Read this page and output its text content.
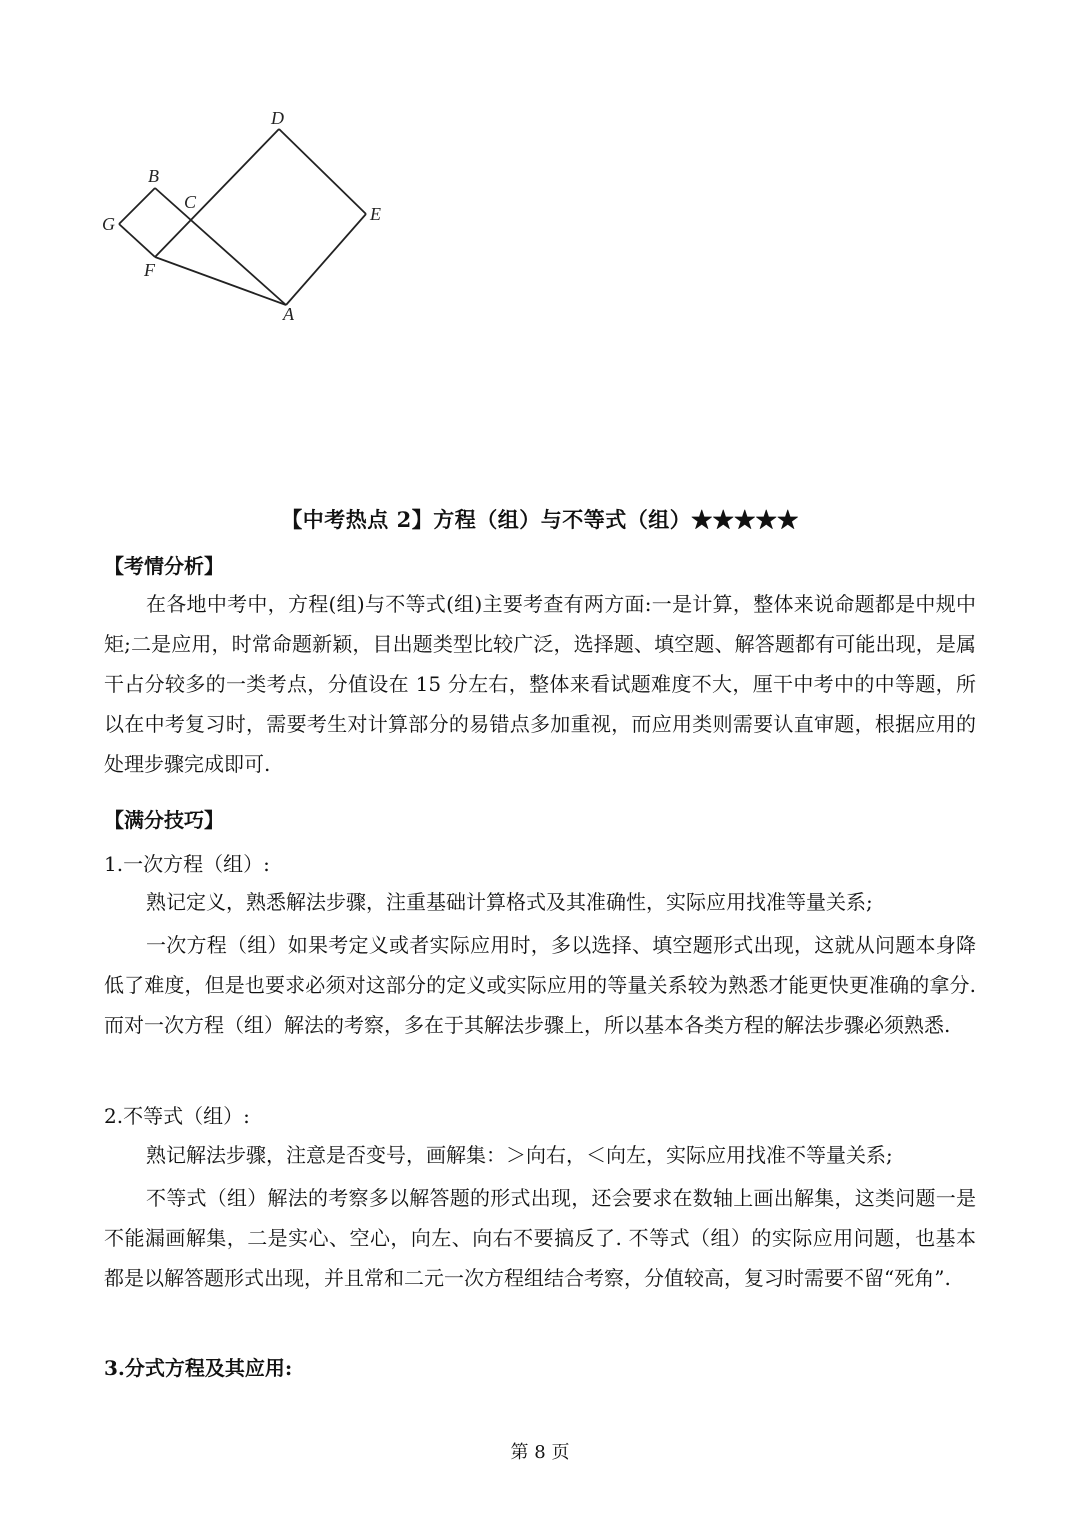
D
B
C
E
G
F
A
【中考热点 2】方程（组）与不等式（组）★★★★★
【考情分析】
在各地中考中，方程(组)与不等式(组)主要考查有两方面:一是计算，整体来说命题都是中规中矩;二是应用，时常命题新颖，目出题类型比较广泛，选择题、填空题、解答题都有可能出现，是属干占分较多的一类考点，分值设在 15 分左右，整体来看试题难度不大，厘干中考中的中等题，所以在中考复习时，需要考生对计算部分的易错点多加重视，而应用类则需要认直审题，根据应用的处理步骤完成即可.
【满分技巧】
1.一次方程（组）:
熟记定义，熟悉解法步骤，注重基础计算格式及其准确性，实际应用找准等量关系;
一次方程（组）如果考定义或者实际应用时，多以选择、填空题形式出现，这就从问题本身降低了难度，但是也要求必须对这部分的定义或实际应用的等量关系较为熟悉才能更快更准确的拿分. 而对一次方程（组）解法的考察，多在于其解法步骤上，所以基本各类方程的解法步骤必须熟悉.
2.不等式（组）:
熟记解法步骤，注意是否变号，画解集：＞向右，＜向左，实际应用找准不等量关系;
不等式（组）解法的考察多以解答题的形式出现，还会要求在数轴上画出解集，这类问题一是不能漏画解集，二是实心、空心，向左、向右不要搞反了. 不等式（组）的实际应用问题，也基本都是以解答题形式出现，并且常和二元一次方程组结合考察，分值较高，复习时需要不留“死角”.
3.分式方程及其应用:
第 8 页
